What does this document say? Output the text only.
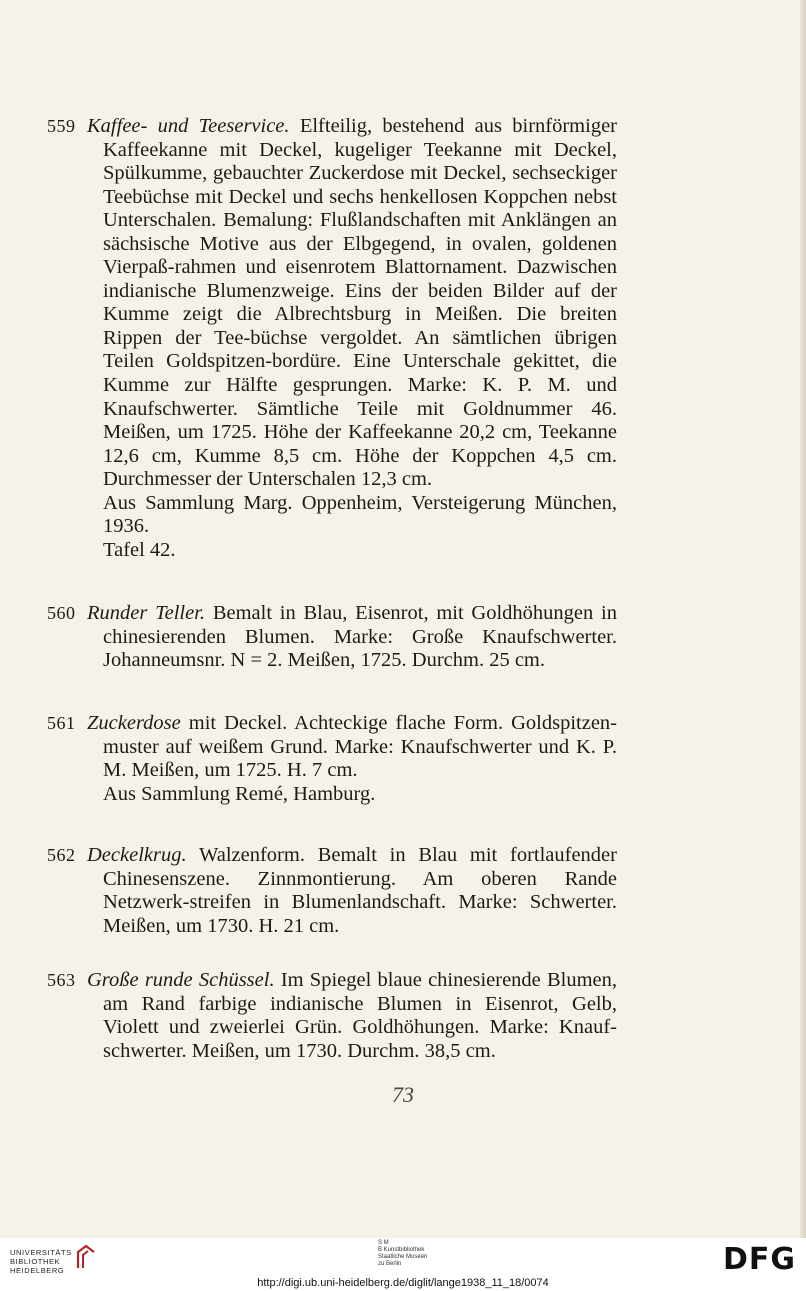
559 Kaffee- und Teeservice. Elfteilig, bestehend aus birnförmiger Kaffeekanne mit Deckel, kugeliger Teekanne mit Deckel, Spülkumme, gebauchter Zuckerdose mit Deckel, sechseckiger Teebüchse mit Deckel und sechs henkellosen Koppchen nebst Unterschalen. Bemalung: Flußlandschaften mit Anklängen an sächsische Motive aus der Elbgegend, in ovalen, goldenen Vierpaß-rahmen und eisenrotem Blattornament. Dazwischen indianische Blumenzweige. Eins der beiden Bilder auf der Kumme zeigt die Albrechtsburg in Meißen. Die breiten Rippen der Tee-büchse vergoldet. An sämtlichen übrigen Teilen Goldspitzen-bordüre. Eine Unterschale gekittet, die Kumme zur Hälfte gesprungen. Marke: K. P. M. und Knaufschwerter. Sämtliche Teile mit Goldnummer 46. Meißen, um 1725. Höhe der Kaffeekanne 20,2 cm, Teekanne 12,6 cm, Kumme 8,5 cm. Höhe der Koppchen 4,5 cm. Durchmesser der Unterschalen 12,3 cm.

Aus Sammlung Marg. Oppenheim, Versteigerung München, 1936.

Tafel 42.

560 Runder Teller. Bemalt in Blau, Eisenrot, mit Goldhöhungen in chinesierenden Blumen. Marke: Große Knaufschwerter. Johanneumsnr. N = 2. Meißen, 1725. Durchm. 25 cm.

561 Zuckerdose mit Deckel. Achteckige flache Form. Goldspitzen-muster auf weißem Grund. Marke: Knaufschwerter und K. P. M. Meißen, um 1725. H. 7 cm.

Aus Sammlung Remé, Hamburg.

562 Deckelkrug. Walzenform. Bemalt in Blau mit fortlaufender Chinesenszene. Zinnmontierung. Am oberen Rande Netzwerk-streifen in Blumenlandschaft. Marke: Schwerter. Meißen, um 1730. H. 21 cm.

563 Große runde Schüssel. Im Spiegel blaue chinesierende Blumen, am Rand farbige indianische Blumen in Eisenrot, Gelb, Violett und zweierlei Grün. Goldhöhungen. Marke: Knauf-schwerter. Meißen, um 1730. Durchm. 38,5 cm.

73
UNIVERSITÄTS
BIBLIOTHEK
HEIDELBERG
S M
B Kunstbibliothek
Staatliche Museen
zu Berlin	DFG
http://digi.ub.uni-heidelberg.de/diglit/lange1938_11_18/0074
